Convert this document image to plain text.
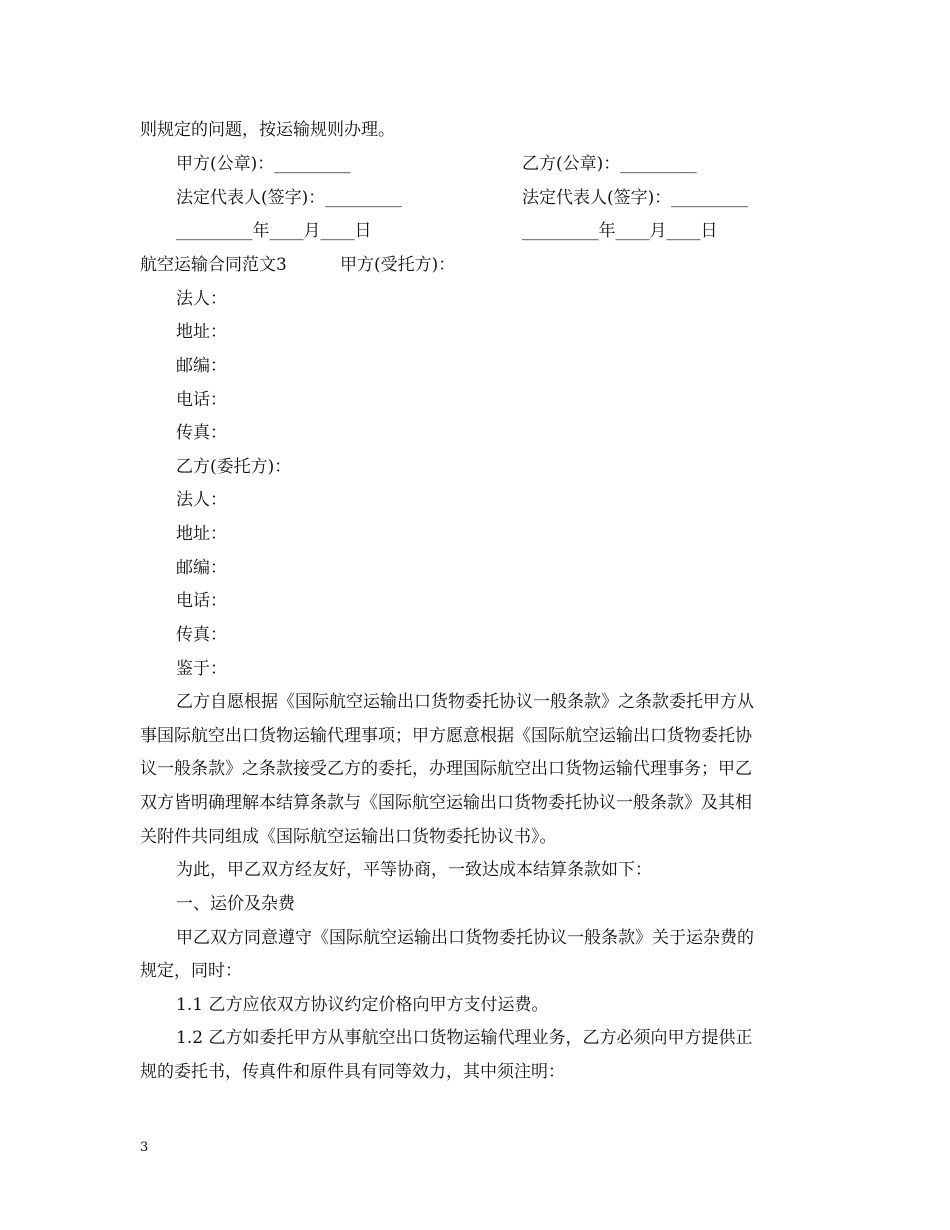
则规定的问题，按运输规则办理。
甲方(公章)：_________	乙方(公章)：_________
法定代表人(签字)：_________	法定代表人(签字)：_________
_________年____月____日	_________年____月____日
航空运输合同范文3	甲方(受托方)：
法人：
地址：
邮编：
电话：
传真：
乙方(委托方)：
法人：
地址：
邮编：
电话：
传真：
鉴于：
乙方自愿根据《国际航空运输出口货物委托协议一般条款》之条款委托甲方从
事国际航空出口货物运输代理事项；甲方愿意根据《国际航空运输出口货物委托协
议一般条款》之条款接受乙方的委托，办理国际航空出口货物运输代理事务；甲乙
双方皆明确理解本结算条款与《国际航空运输出口货物委托协议一般条款》及其相
关附件共同组成《国际航空运输出口货物委托协议书》。
为此，甲乙双方经友好，平等协商，一致达成本结算条款如下：
一、运价及杂费
甲乙双方同意遵守《国际航空运输出口货物委托协议一般条款》关于运杂费的
规定，同时：
1.1 乙方应依双方协议约定价格向甲方支付运费。
1.2 乙方如委托甲方从事航空出口货物运输代理业务，乙方必须向甲方提供正
规的委托书，传真件和原件具有同等效力，其中须注明：
3
